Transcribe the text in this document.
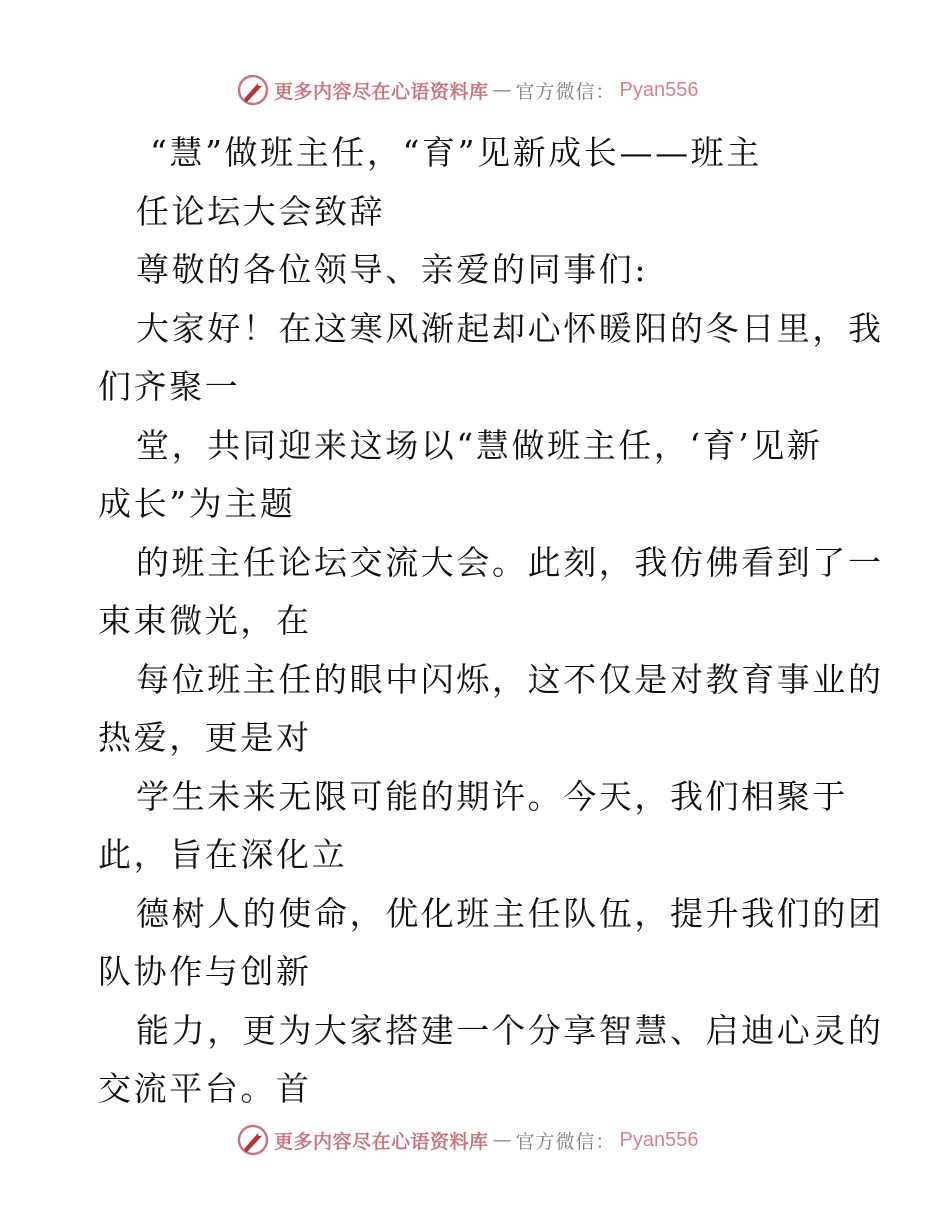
更多内容尽在心语资料库 — 官方微信： Pyan556
“慧”做班主任，“育”见新成长——班主
任论坛大会致辞
尊敬的各位领导、亲爱的同事们:
大家好！在这寒风渐起却心怀暖阳的冬日里，我
们齐聚一
堂，共同迎来这场以“慧做班主任，‘育’见新
成长”为主题
的班主任论坛交流大会。此刻，我仿佛看到了一
束束微光，在
每位班主任的眼中闪烁，这不仅是对教育事业的
热爱，更是对
学生未来无限可能的期许。今天，我们相聚于
此，旨在深化立
德树人的使命，优化班主任队伍，提升我们的团
队协作与创新
能力，更为大家搭建一个分享智慧、启迪心灵的
交流平台。首
更多内容尽在心语资料库 — 官方微信： Pyan556
